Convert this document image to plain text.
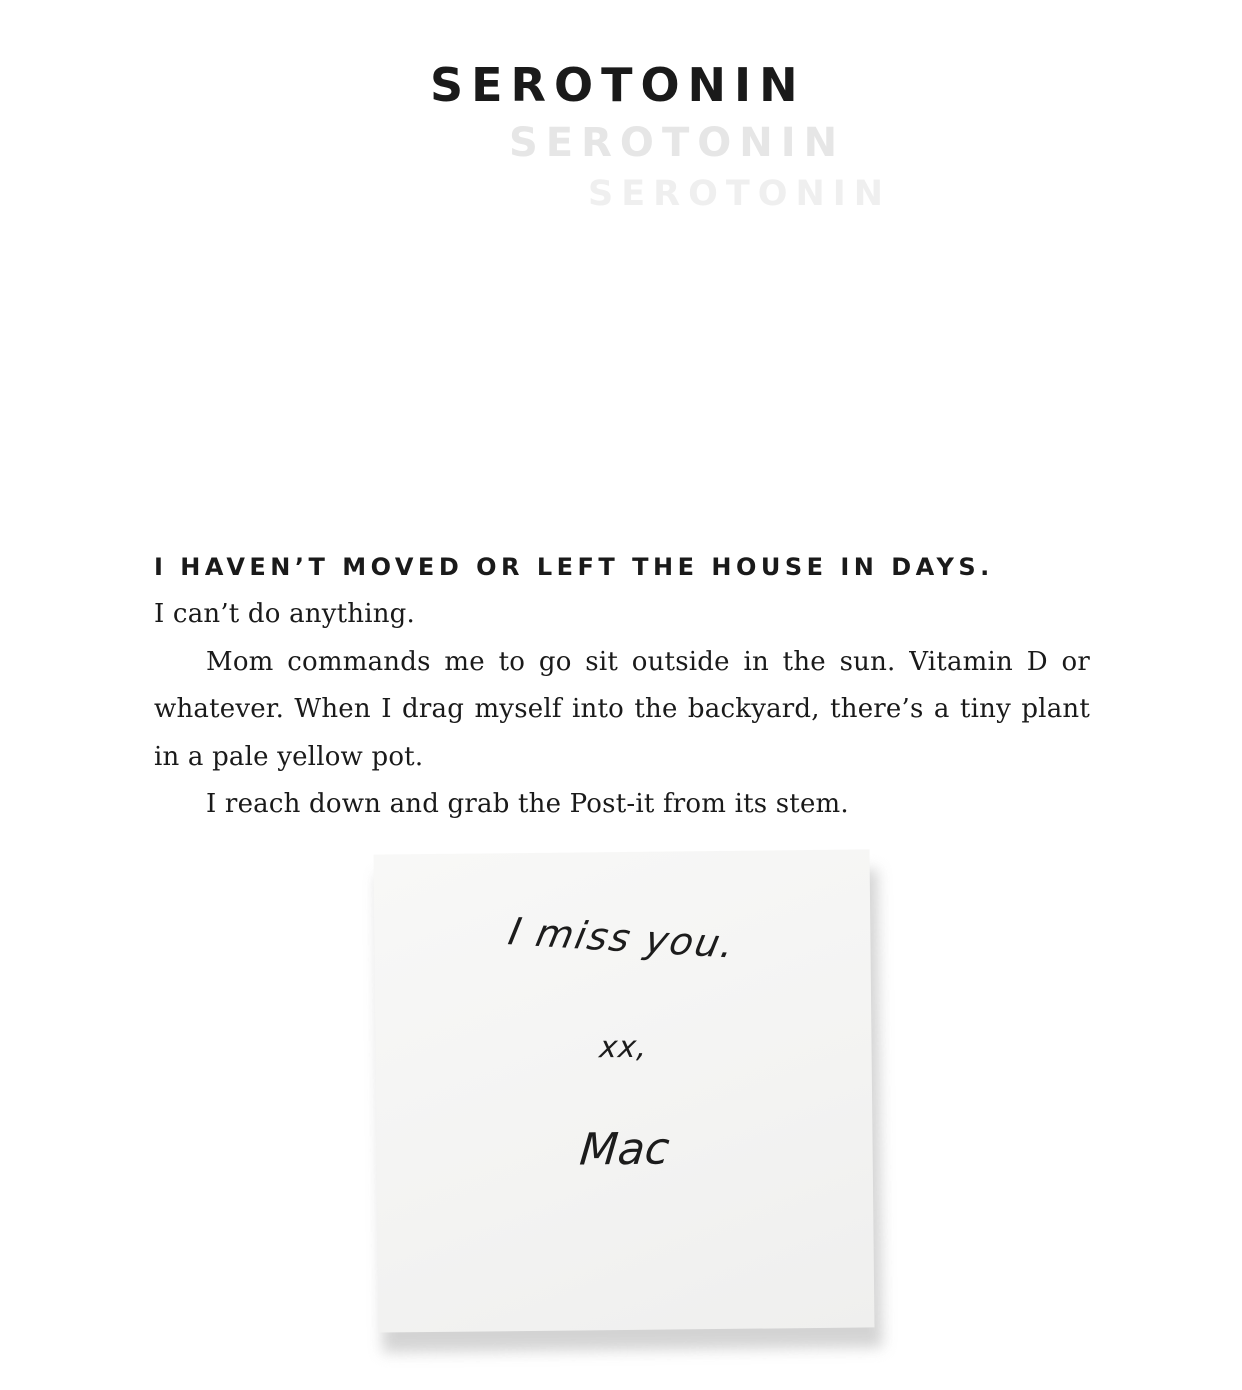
SEROTONIN
SEROTONIN
SEROTONIN

I HAVEN’T MOVED OR LEFT THE HOUSE IN DAYS.

I can’t do anything.

Mom commands me to go sit outside in the sun. Vitamin D or whatever. When I drag myself into the backyard, there’s a tiny plant in a pale yellow pot.

I reach down and grab the Post-it from its stem.

I miss you.
xx,
Mac
